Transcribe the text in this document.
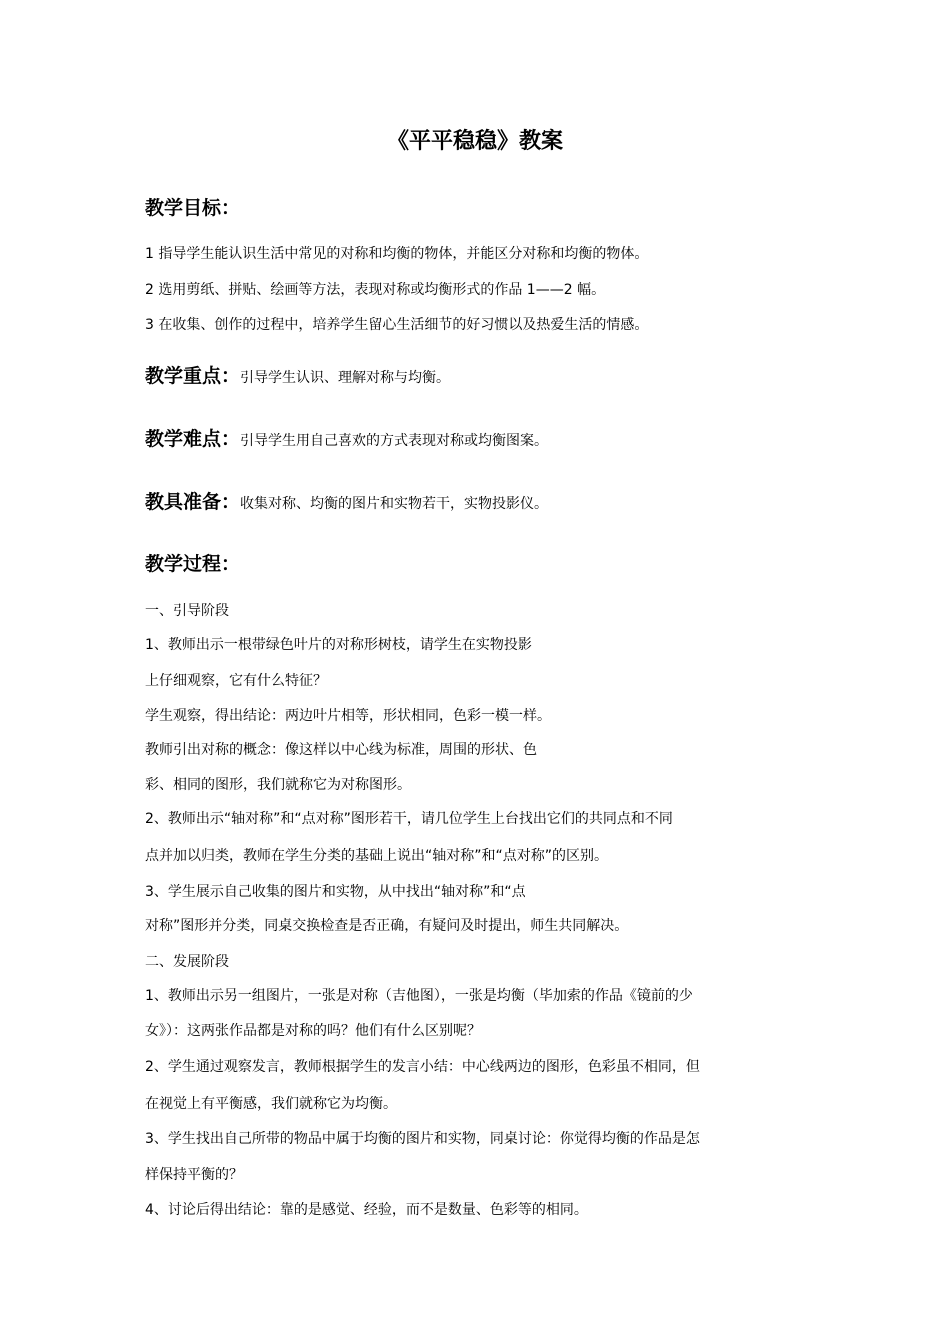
《平平稳稳》教案
教学目标：
1 指导学生能认识生活中常见的对称和均衡的物体，并能区分对称和均衡的物体。
2 选用剪纸、拼贴、绘画等方法，表现对称或均衡形式的作品 1——2 幅。
3 在收集、创作的过程中，培养学生留心生活细节的好习惯以及热爱生活的情感。
教学重点：引导学生认识、理解对称与均衡。
教学难点：引导学生用自己喜欢的方式表现对称或均衡图案。
教具准备：收集对称、均衡的图片和实物若干，实物投影仪。
教学过程：
一、引导阶段
1、教师出示一根带绿色叶片的对称形树枝，请学生在实物投影
上仔细观察，它有什么特征？
学生观察，得出结论：两边叶片相等，形状相同，色彩一模一样。
教师引出对称的概念：像这样以中心线为标准，周围的形状、色
彩、相同的图形，我们就称它为对称图形。
2、教师出示“轴对称”和“点对称”图形若干，请几位学生上台找出它们的共同点和不同
点并加以归类，教师在学生分类的基础上说出“轴对称”和“点对称”的区别。
3、学生展示自己收集的图片和实物，从中找出“轴对称”和“点
对称”图形并分类，同桌交换检查是否正确，有疑问及时提出，师生共同解决。
二、发展阶段
1、教师出示另一组图片，一张是对称（吉他图），一张是均衡（毕加索的作品《镜前的少
女》）：这两张作品都是对称的吗？他们有什么区别呢？
2、学生通过观察发言，教师根据学生的发言小结：中心线两边的图形，色彩虽不相同，但
在视觉上有平衡感，我们就称它为均衡。
3、学生找出自己所带的物品中属于均衡的图片和实物，同桌讨论：你觉得均衡的作品是怎
样保持平衡的？
4、讨论后得出结论：靠的是感觉、经验，而不是数量、色彩等的相同。
